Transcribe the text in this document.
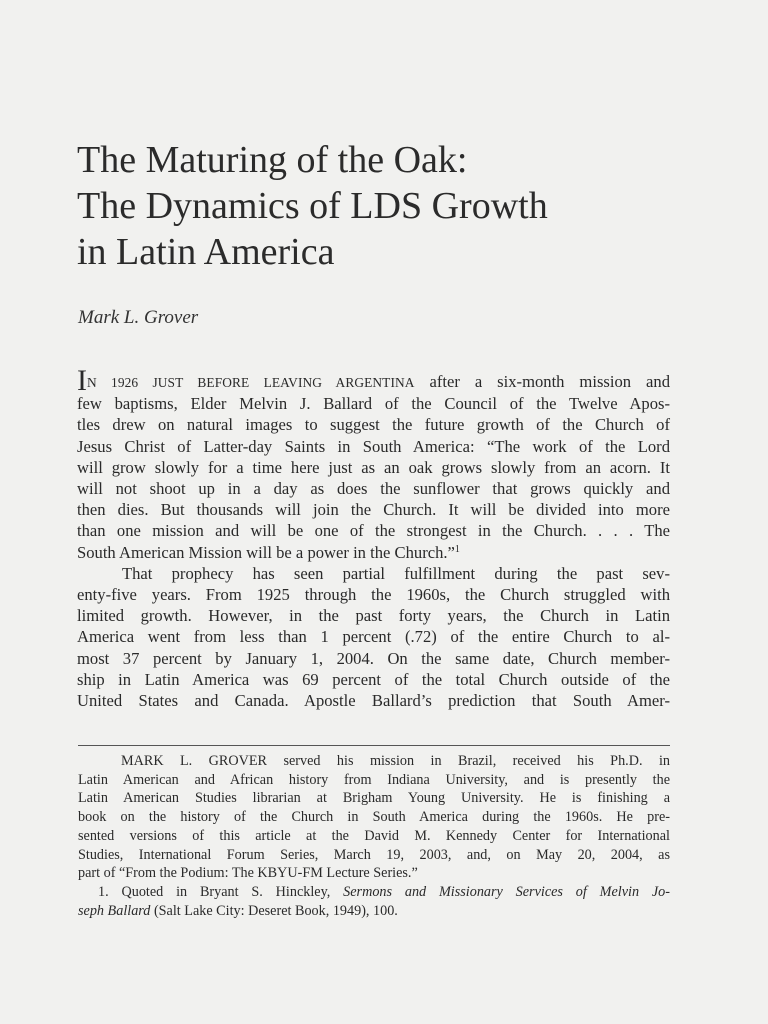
The Maturing of the Oak:
The Dynamics of LDS Growth
in Latin America
Mark L. Grover
IN 1926 JUST BEFORE LEAVING ARGENTINA after a six-month mission and
few baptisms, Elder Melvin J. Ballard of the Council of the Twelve Apos-
tles drew on natural images to suggest the future growth of the Church of
Jesus Christ of Latter-day Saints in South America: “The work of the Lord
will grow slowly for a time here just as an oak grows slowly from an acorn. It
will not shoot up in a day as does the sunflower that grows quickly and
then dies. But thousands will join the Church. It will be divided into more
than one mission and will be one of the strongest in the Church. . . . The
South American Mission will be a power in the Church.”$^1$
That prophecy has seen partial fulfillment during the past sev-
enty-five years. From 1925 through the 1960s, the Church struggled with
limited growth. However, in the past forty years, the Church in Latin
America went from less than 1 percent (.72) of the entire Church to al-
most 37 percent by January 1, 2004. On the same date, Church member-
ship in Latin America was 69 percent of the total Church outside of the
United States and Canada. Apostle Ballard’s prediction that South Amer-
MARK L. GROVER served his mission in Brazil, received his Ph.D. in
Latin American and African history from Indiana University, and is presently the
Latin American Studies librarian at Brigham Young University. He is finishing a
book on the history of the Church in South America during the 1960s. He pre-
sented versions of this article at the David M. Kennedy Center for International
Studies, International Forum Series, March 19, 2003, and, on May 20, 2004, as
part of “From the Podium: The KBYU-FM Lecture Series.”
1. Quoted in Bryant S. Hinckley, Sermons and Missionary Services of Melvin Jo-
seph Ballard (Salt Lake City: Deseret Book, 1949), 100.
